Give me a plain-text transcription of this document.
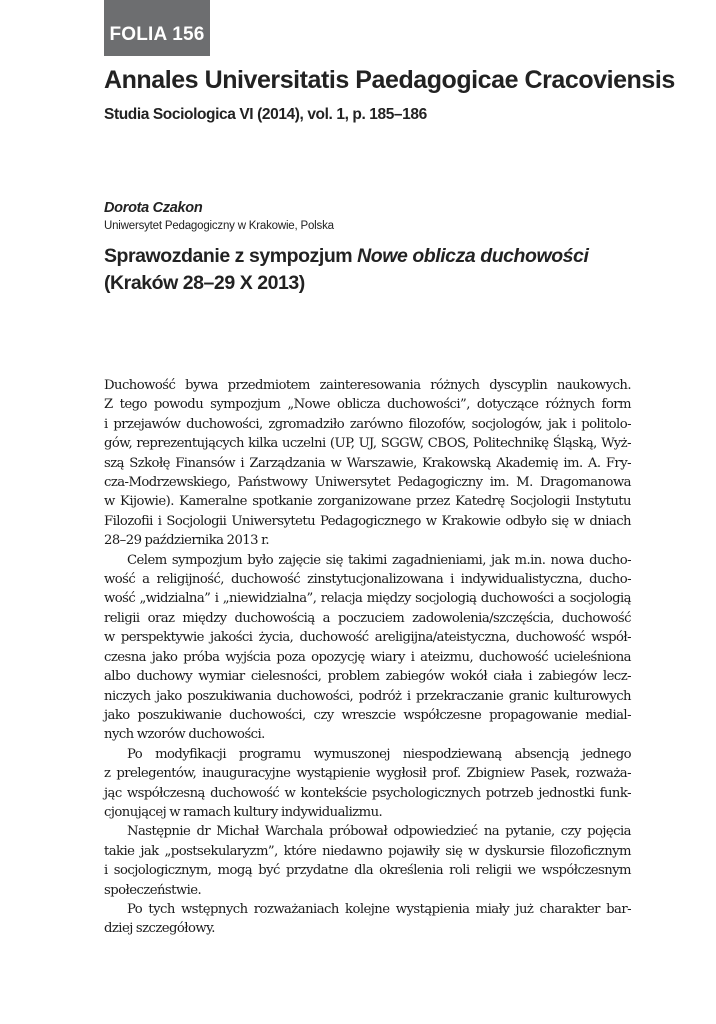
FOLIA 156
Annales Universitatis Paedagogicae Cracoviensis

Studia Sociologica VI (2014), vol. 1, p. 185–186

Dorota Czakon

Uniwersytet Pedagogiczny w Krakowie, Polska

Sprawozdanie z sympozjum Nowe oblicza duchowości
(Kraków 28–29 X 2013)
Duchowość bywa przedmiotem zainteresowania różnych dyscyplin naukowych.
Z tego powodu sympozjum „Nowe oblicza duchowości”, dotyczące różnych form
i przejawów duchowości, zgromadziło zarówno filozofów, socjologów, jak i politolo-
gów, reprezentujących kilka uczelni (UP, UJ, SGGW, CBOS, Politechnikę Śląską, Wyż-
szą Szkołę Finansów i Zarządzania w Warszawie, Krakowską Akademię im. A. Fry-
cza-Modrzewskiego, Państwowy Uniwersytet Pedagogiczny im. M. Dragomanowa
w Kijowie). Kameralne spotkanie zorganizowane przez Katedrę Socjologii Instytutu
Filozofii i Socjologii Uniwersytetu Pedagogicznego w Krakowie odbyło się w dniach
28–29 października 2013 r.
Celem sympozjum było zajęcie się takimi zagadnieniami, jak m.in. nowa ducho-
wość a religijność, duchowość zinstytucjonalizowana i indywidualistyczna, ducho-
wość „widzialna” i „niewidzialna”, relacja między socjologią duchowości a socjologią
religii oraz między duchowością a poczuciem zadowolenia/szczęścia, duchowość
w perspektywie jakości życia, duchowość areligijna/ateistyczna, duchowość współ-
czesna jako próba wyjścia poza opozycję wiary i ateizmu, duchowość ucieleśniona
albo duchowy wymiar cielesności, problem zabiegów wokół ciała i zabiegów lecz-
niczych jako poszukiwania duchowości, podróż i przekraczanie granic kulturowych
jako poszukiwanie duchowości, czy wreszcie współczesne propagowanie medial-
nych wzorów duchowości.
Po modyfikacji programu wymuszonej niespodziewaną absencją jednego
z prelegentów, inauguracyjne wystąpienie wygłosił prof. Zbigniew Pasek, rozważa-
jąc współczesną duchowość w kontekście psychologicznych potrzeb jednostki funk-
cjonującej w ramach kultury indywidualizmu.
Następnie dr Michał Warchala próbował odpowiedzieć na pytanie, czy pojęcia
takie jak „postsekularyzm”, które niedawno pojawiły się w dyskursie filozoficznym
i socjologicznym, mogą być przydatne dla określenia roli religii we współczesnym
społeczeństwie.
Po tych wstępnych rozważaniach kolejne wystąpienia miały już charakter bar-
dziej szczegółowy.
